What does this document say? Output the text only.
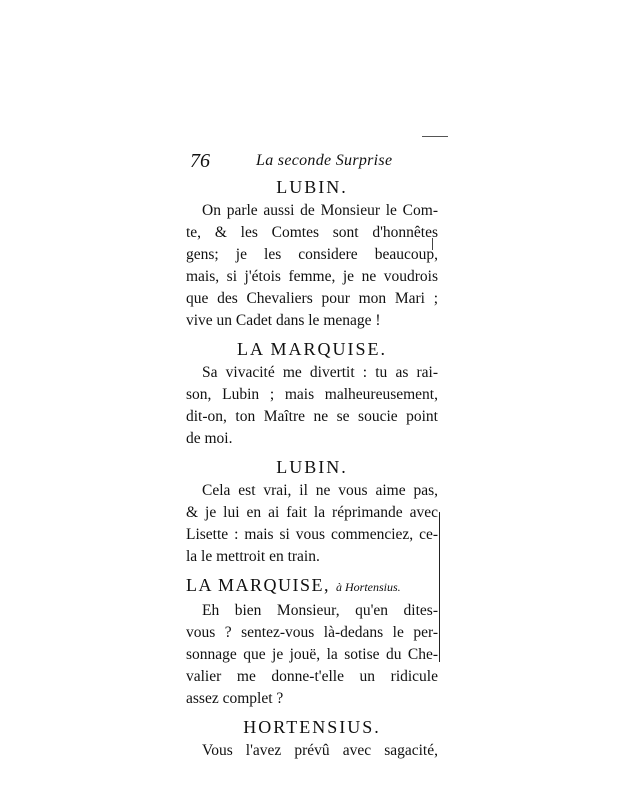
76	La seconde Surprise
LUBIN.

On parle aussi de Monsieur le Com-
te, & les Comtes sont d'honnêtes
gens; je les considere beaucoup,
mais, si j'étois femme, je ne voudrois
que des Chevaliers pour mon Mari ;
vive un Cadet dans le menage !

LA MARQUISE.

Sa vivacité me divertit : tu as rai-
son, Lubin ; mais malheureusement,
dit-on, ton Maître ne se soucie point
de moi.

LUBIN.

Cela est vrai, il ne vous aime pas,
& je lui en ai fait la réprimande avec
Lisette : mais si vous commenciez, ce-
la le mettroit en train.

LA MARQUISE, à Hortensius.

Eh bien Monsieur, qu'en dites-
vous ? sentez-vous là-dedans le per-
sonnage que je jouë, la sotise du Che-
valier me donne-t'elle un ridicule
assez complet ?

HORTENSIUS.

Vous l'avez prévû avec sagacité,
